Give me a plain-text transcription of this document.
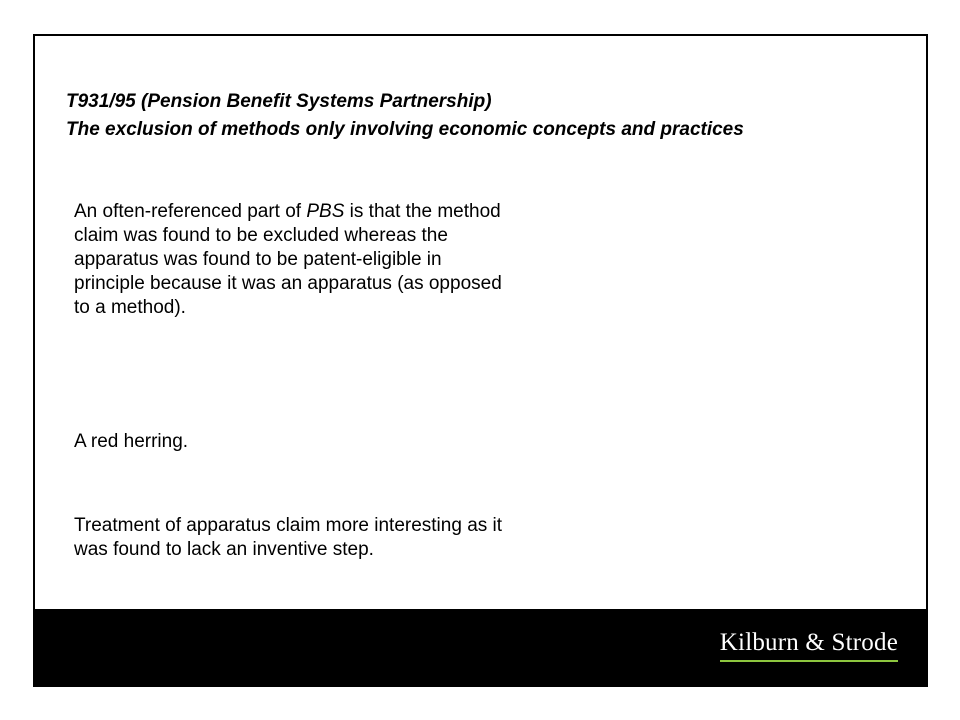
T931/95 (Pension Benefit Systems Partnership)
The exclusion of methods only involving economic concepts and practices
An often-referenced part of PBS is that the method claim was found to be excluded whereas the apparatus was found to be patent-eligible in principle because it was an apparatus (as opposed to a method).
A red herring.
Treatment of apparatus claim more interesting as it was found to lack an inventive step.
Kilburn & Strode
